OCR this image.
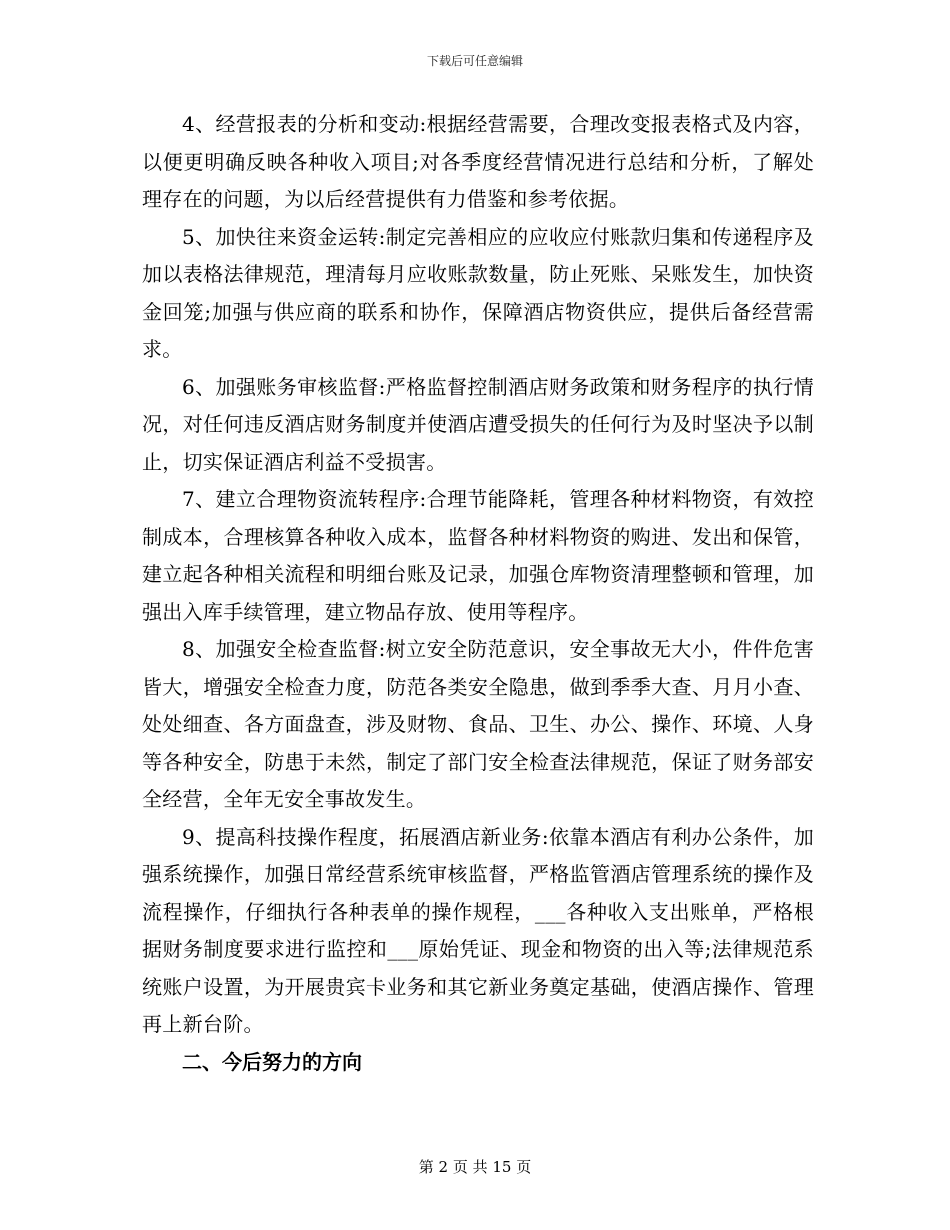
下载后可任意编辑

4、经营报表的分析和变动:根据经营需要，合理改变报表格式及内容，以便更明确反映各种收入项目;对各季度经营情况进行总结和分析，了解处理存在的问题，为以后经营提供有力借鉴和参考依据。

5、加快往来资金运转:制定完善相应的应收应付账款归集和传递程序及加以表格法律规范，理清每月应收账款数量，防止死账、呆账发生，加快资金回笼;加强与供应商的联系和协作，保障酒店物资供应，提供后备经营需求。

6、加强账务审核监督:严格监督控制酒店财务政策和财务程序的执行情况，对任何违反酒店财务制度并使酒店遭受损失的任何行为及时坚决予以制止，切实保证酒店利益不受损害。

7、建立合理物资流转程序:合理节能降耗，管理各种材料物资，有效控制成本，合理核算各种收入成本，监督各种材料物资的购进、发出和保管，建立起各种相关流程和明细台账及记录，加强仓库物资清理整顿和管理，加强出入库手续管理，建立物品存放、使用等程序。

8、加强安全检查监督:树立安全防范意识，安全事故无大小，件件危害皆大，增强安全检查力度，防范各类安全隐患，做到季季大查、月月小查、处处细查、各方面盘查，涉及财物、食品、卫生、办公、操作、环境、人身等各种安全，防患于未然，制定了部门安全检查法律规范，保证了财务部安全经营，全年无安全事故发生。

9、提高科技操作程度，拓展酒店新业务:依靠本酒店有利办公条件，加强系统操作，加强日常经营系统审核监督，严格监管酒店管理系统的操作及流程操作，仔细执行各种表单的操作规程，___各种收入支出账单，严格根据财务制度要求进行监控和___原始凭证、现金和物资的出入等;法律规范系统账户设置，为开展贵宾卡业务和其它新业务奠定基础，使酒店操作、管理再上新台阶。

二、今后努力的方向

第 2 页 共 15 页
